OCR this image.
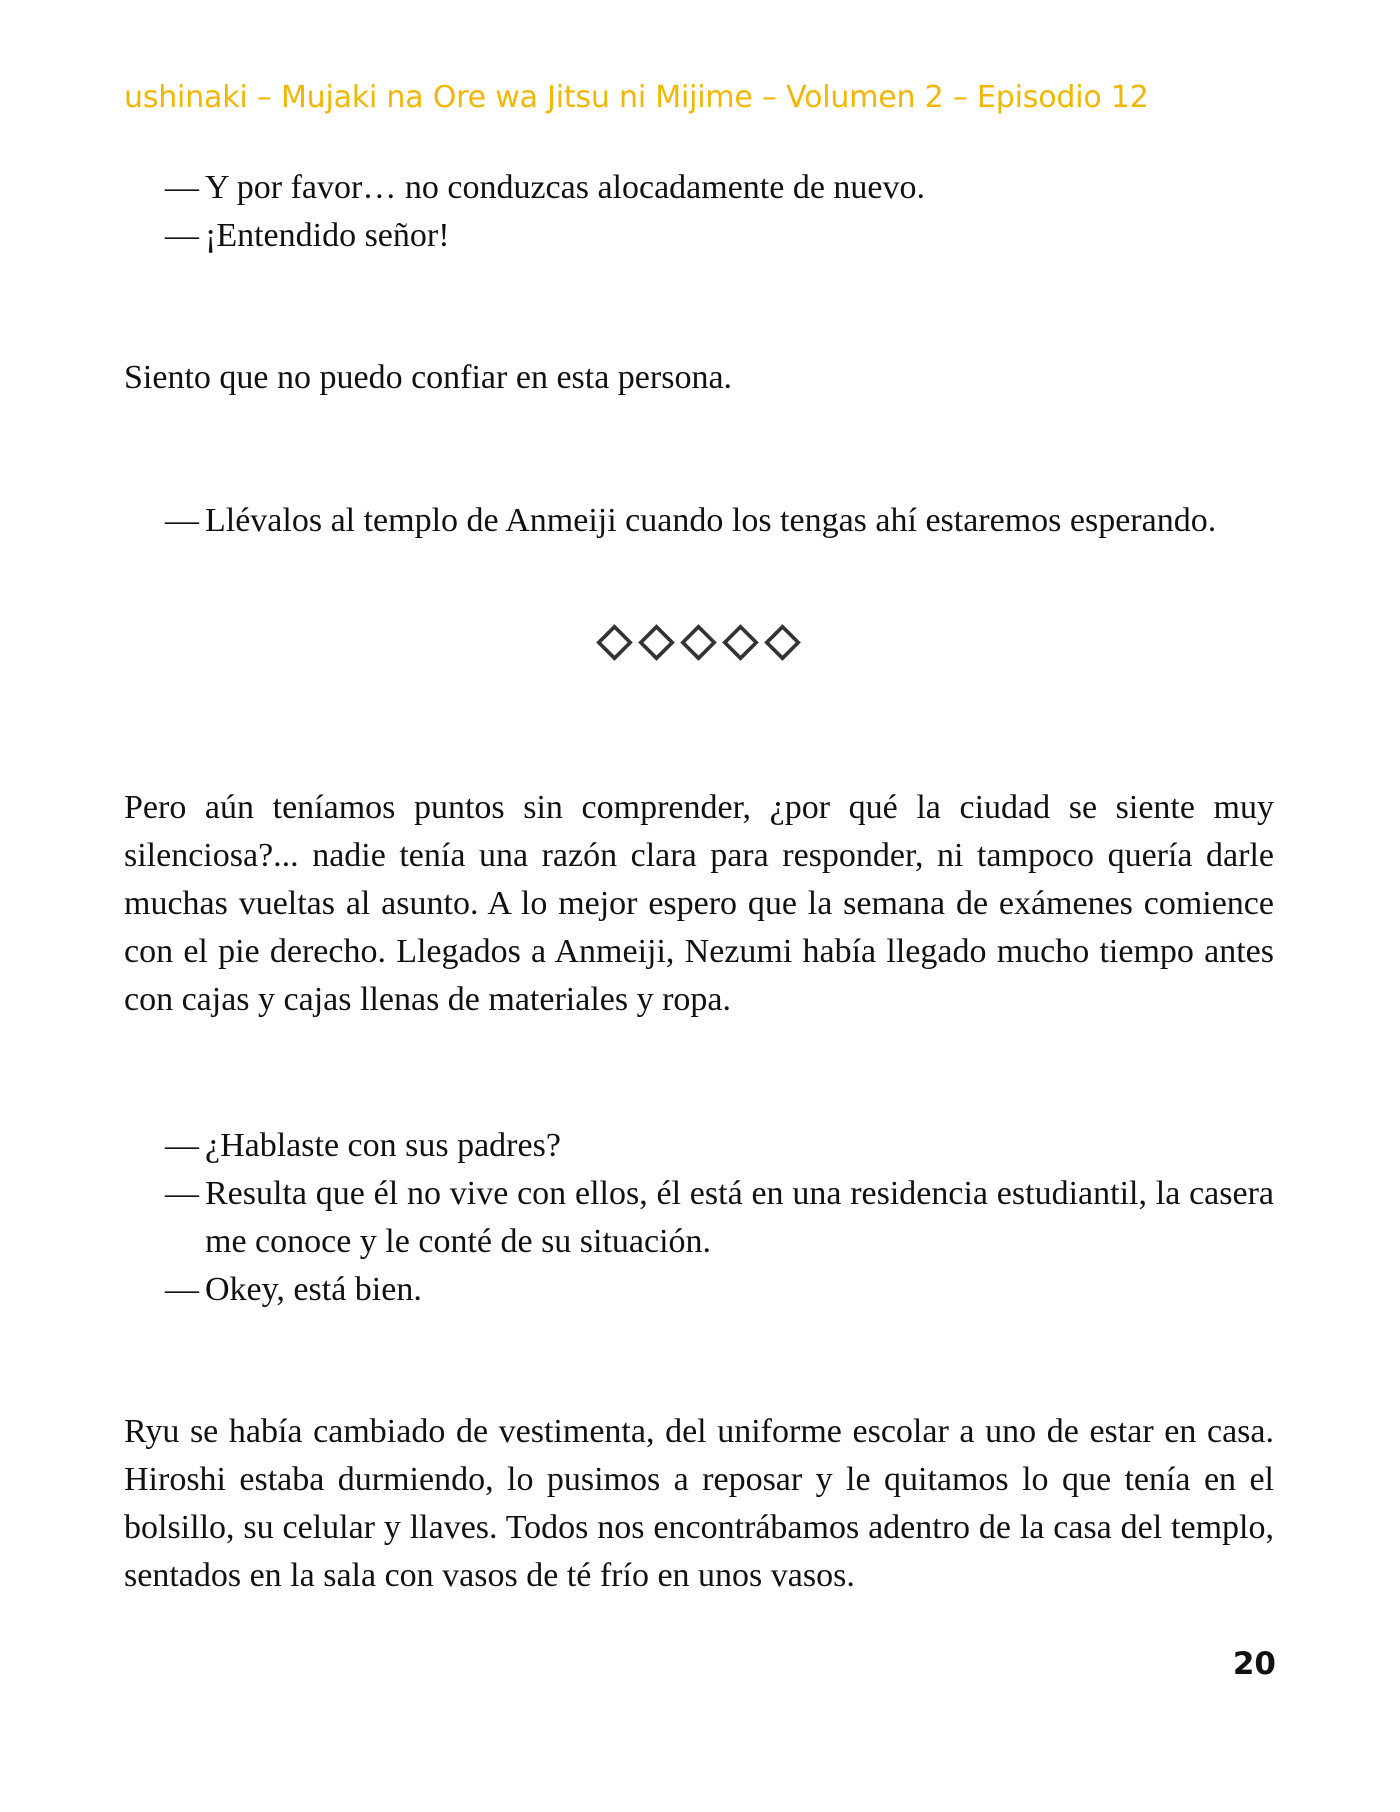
ushinaki – Mujaki na Ore wa Jitsu ni Mijime – Volumen 2 – Episodio 12
— Y por favor… no conduzcas alocadamente de nuevo.
— ¡Entendido señor!
Siento que no puedo confiar en esta persona.
— Llévalos al templo de Anmeiji cuando los tengas ahí estaremos esperando.
Pero aún teníamos puntos sin comprender, ¿por qué la ciudad se siente muy silenciosa?... nadie tenía una razón clara para responder, ni tampoco quería darle muchas vueltas al asunto. A lo mejor espero que la semana de exámenes comience con el pie derecho. Llegados a Anmeiji, Nezumi había llegado mucho tiempo antes con cajas y cajas llenas de materiales y ropa.
— ¿Hablaste con sus padres?
— Resulta que él no vive con ellos, él está en una residencia estudiantil, la casera me conoce y le conté de su situación.
— Okey, está bien.
Ryu se había cambiado de vestimenta, del uniforme escolar a uno de estar en casa. Hiroshi estaba durmiendo, lo pusimos a reposar y le quitamos lo que tenía en el bolsillo, su celular y llaves. Todos nos encontrábamos adentro de la casa del templo, sentados en la sala con vasos de té frío en unos vasos.
20
